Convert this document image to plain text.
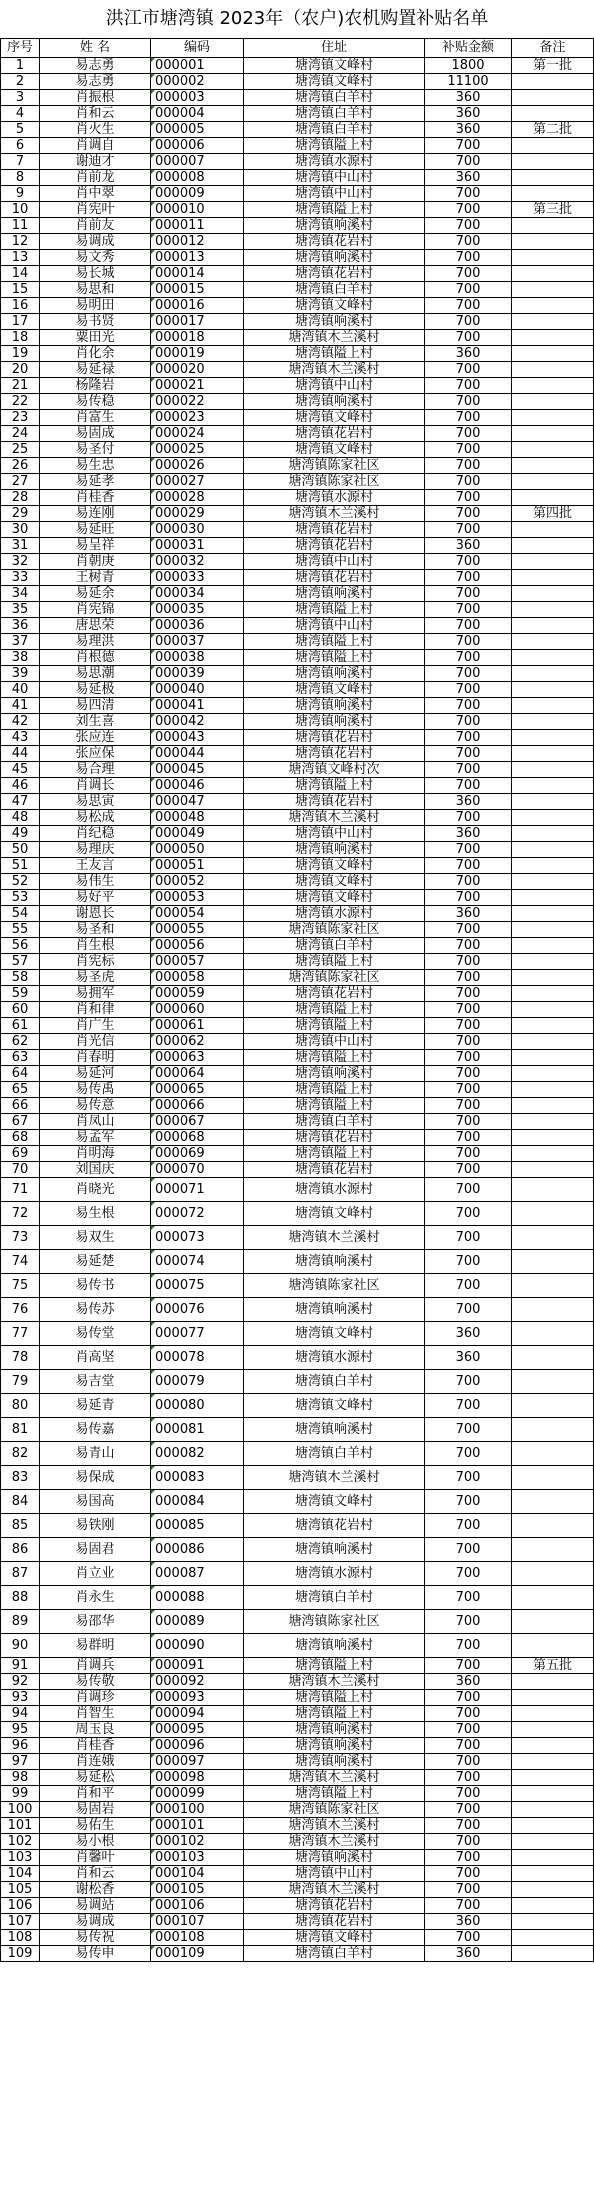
洪江市塘湾镇 2023年（农户)农机购置补贴名单
序号	姓 名	编码	住址	补贴金额	备注
1	易志勇	000001	塘湾镇文峰村	1800	第一批
2	易志勇	000002	塘湾镇文峰村	11100	
3	肖振根	000003	塘湾镇白羊村	360	
4	肖和云	000004	塘湾镇白羊村	360	
5	肖火生	000005	塘湾镇白羊村	360	第二批
6	肖调自	000006	塘湾镇隘上村	700	
7	谢迪才	000007	塘湾镇水源村	700	
8	肖前龙	000008	塘湾镇中山村	360	
9	肖中翠	000009	塘湾镇中山村	700	
10	肖宪叶	000010	塘湾镇隘上村	700	第三批
11	肖前友	000011	塘湾镇响溪村	700	
12	易调成	000012	塘湾镇花岩村	700	
13	易文秀	000013	塘湾镇响溪村	700	
14	易长城	000014	塘湾镇花岩村	700	
15	易思和	000015	塘湾镇白羊村	700	
16	易明田	000016	塘湾镇文峰村	700	
17	易书贤	000017	塘湾镇响溪村	700	
18	粟田光	000018	塘湾镇木兰溪村	700	
19	肖化余	000019	塘湾镇隘上村	360	
20	易延禄	000020	塘湾镇木兰溪村	700	
21	杨隆岩	000021	塘湾镇中山村	700	
22	易传稳	000022	塘湾镇响溪村	700	
23	肖富生	000023	塘湾镇文峰村	700	
24	易固成	000024	塘湾镇花岩村	700	
25	易圣付	000025	塘湾镇文峰村	700	
26	易生忠	000026	塘湾镇陈家社区	700	
27	易延孝	000027	塘湾镇陈家社区	700	
28	肖桂香	000028	塘湾镇水源村	700	
29	易连刚	000029	塘湾镇木兰溪村	700	第四批
30	易延旺	000030	塘湾镇花岩村	700	
31	易呈祥	000031	塘湾镇花岩村	360	
32	肖朝庚	000032	塘湾镇中山村	700	
33	王树青	000033	塘湾镇花岩村	700	
34	易延余	000034	塘湾镇响溪村	700	
35	肖宪锦	000035	塘湾镇隘上村	700	
36	唐思荣	000036	塘湾镇中山村	700	
37	易理洪	000037	塘湾镇隘上村	700	
38	肖根德	000038	塘湾镇隘上村	700	
39	易思潮	000039	塘湾镇响溪村	700	
40	易延极	000040	塘湾镇文峰村	700	
41	易四清	000041	塘湾镇响溪村	700	
42	刘生喜	000042	塘湾镇响溪村	700	
43	张应连	000043	塘湾镇花岩村	700	
44	张应保	000044	塘湾镇花岩村	700	
45	易合理	000045	塘湾镇文峰村次	700	
46	肖调长	000046	塘湾镇隘上村	700	
47	易思寅	000047	塘湾镇花岩村	360	
48	易松成	000048	塘湾镇木兰溪村	700	
49	肖纪稳	000049	塘湾镇中山村	360	
50	易理庆	000050	塘湾镇响溪村	700	
51	王友言	000051	塘湾镇文峰村	700	
52	易伟生	000052	塘湾镇文峰村	700	
53	易好平	000053	塘湾镇文峰村	700	
54	谢恩长	000054	塘湾镇水源村	360	
55	易圣和	000055	塘湾镇陈家社区	700	
56	肖生根	000056	塘湾镇白羊村	700	
57	肖宪标	000057	塘湾镇隘上村	700	
58	易圣虎	000058	塘湾镇陈家社区	700	
59	易拥军	000059	塘湾镇花岩村	700	
60	肖和律	000060	塘湾镇隘上村	700	
61	肖广生	000061	塘湾镇隘上村	700	
62	肖光信	000062	塘湾镇中山村	700	
63	肖春明	000063	塘湾镇隘上村	700	
64	易延河	000064	塘湾镇响溪村	700	
65	易传禹	000065	塘湾镇隘上村	700	
66	易传意	000066	塘湾镇隘上村	700	
67	肖凤山	000067	塘湾镇白羊村	700	
68	易孟军	000068	塘湾镇花岩村	700	
69	肖明海	000069	塘湾镇隘上村	700	
70	刘国庆	000070	塘湾镇花岩村	700	
71	肖晓光	000071	塘湾镇水源村	700	
72	易生根	000072	塘湾镇文峰村	700	
73	易双生	000073	塘湾镇木兰溪村	700	
74	易延楚	000074	塘湾镇响溪村	700	
75	易传书	000075	塘湾镇陈家社区	700	
76	易传苏	000076	塘湾镇响溪村	700	
77	易传堂	000077	塘湾镇文峰村	360	
78	肖高坚	000078	塘湾镇水源村	360	
79	易吉堂	000079	塘湾镇白羊村	700	
80	易延青	000080	塘湾镇文峰村	700	
81	易传嘉	000081	塘湾镇响溪村	700	
82	易青山	000082	塘湾镇白羊村	700	
83	易保成	000083	塘湾镇木兰溪村	700	
84	易国高	000084	塘湾镇文峰村	700	
85	易铁刚	000085	塘湾镇花岩村	700	
86	易固君	000086	塘湾镇响溪村	700	
87	肖立业	000087	塘湾镇水源村	700	
88	肖永生	000088	塘湾镇白羊村	700	
89	易邵华	000089	塘湾镇陈家社区	700	
90	易群明	000090	塘湾镇响溪村	700	
91	肖调兵	000091	塘湾镇隘上村	700	第五批
92	易传敬	000092	塘湾镇木兰溪村	360	
93	肖调珍	000093	塘湾镇隘上村	700	
94	肖智生	000094	塘湾镇隘上村	700	
95	周玉良	000095	塘湾镇响溪村	700	
96	肖桂香	000096	塘湾镇响溪村	700	
97	肖连娥	000097	塘湾镇响溪村	700	
98	易延松	000098	塘湾镇木兰溪村	700	
99	肖和平	000099	塘湾镇隘上村	700	
100	易固岩	000100	塘湾镇陈家社区	700	
101	易佑生	000101	塘湾镇木兰溪村	700	
102	易小根	000102	塘湾镇木兰溪村	700	
103	肖馨叶	000103	塘湾镇响溪村	700	
104	肖和云	000104	塘湾镇中山村	700	
105	谢松香	000105	塘湾镇木兰溪村	700	
106	易调站	000106	塘湾镇花岩村	700	
107	易调成	000107	塘湾镇花岩村	360	
108	易传祝	000108	塘湾镇文峰村	700	
109	易传申	000109	塘湾镇白羊村	360	
